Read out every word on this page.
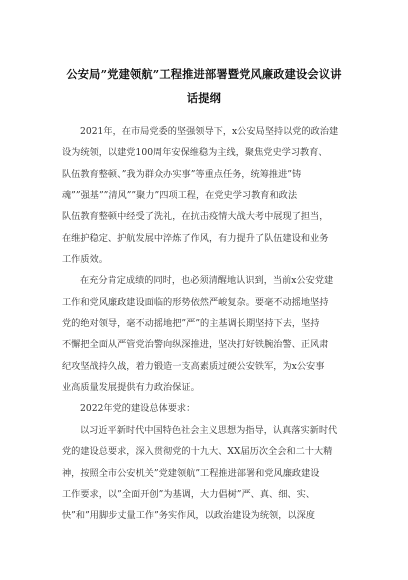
公安局”党建领航”工程推进部署暨党风廉政建设会议讲
话提纲

2021年，在市局党委的坚强领导下，x公安局坚持以党的政治建

设为统领，以建党100周年安保维稳为主线，聚焦党史学习教育、

队伍教育整顿、”我为群众办实事”等重点任务，统筹推进”铸

魂””强基””清风””聚力”四项工程，在党史学习教育和政法

队伍教育整顿中经受了洗礼，在抗击疫情大战大考中展现了担当，

在维护稳定、护航发展中淬炼了作风，有力提升了队伍建设和业务

工作质效。

在充分肯定成绩的同时，也必须清醒地认识到，当前x公安党建

工作和党风廉政建设面临的形势依然严峻复杂。要毫不动摇地坚持

党的绝对领导，毫不动摇地把”严”的主基调长期坚持下去，坚持

不懈把全面从严管党治警向纵深推进，坚决打好铁腕治警、正风肃

纪攻坚战持久战，着力锻造一支高素质过硬公安铁军，为x公安事

业高质量发展提供有力政治保证。

2022年党的建设总体要求：

以习近平新时代中国特色社会主义思想为指导，认真落实新时代

党的建设总要求，深入贯彻党的十九大、XX届历次全会和二十大精

神，按照全市公安机关”党建领航”工程推进部署和党风廉政建设

工作要求，以”全面开创”为基调，大力倡树”严、真、细、实、

快”和”用脚步丈量工作”务实作风，以政治建设为统领，以深度
